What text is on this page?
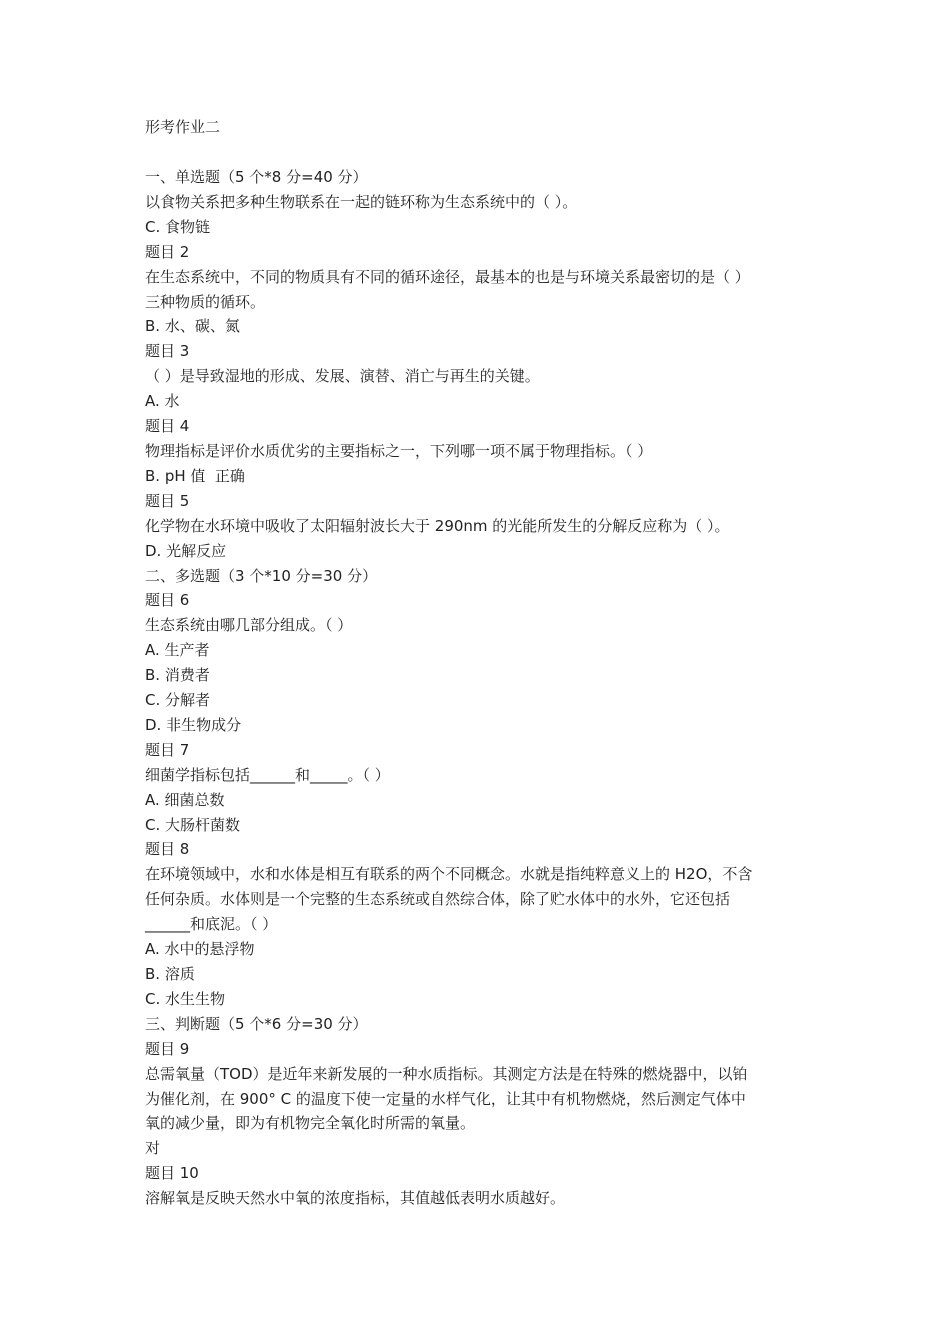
形考作业二

一、单选题（5 个*8 分=40 分）

以食物关系把多种生物联系在一起的链环称为生态系统中的（ ）。

C. 食物链

题目 2

在生态系统中，不同的物质具有不同的循环途径，最基本的也是与环境关系最密切的是（ ）

三种物质的循环。

B. 水、碳、氮

题目 3

（ ）是导致湿地的形成、发展、演替、消亡与再生的关键。

A. 水

题目 4

物理指标是评价水质优劣的主要指标之一，下列哪一项不属于物理指标。（ ）

B. pH 值  正确

题目 5

化学物在水环境中吸收了太阳辐射波长大于 290nm 的光能所发生的分解反应称为（ ）。

D. 光解反应

二、多选题（3 个*10 分=30 分）

题目 6

生态系统由哪几部分组成。（ ）

A. 生产者

B. 消费者

C. 分解者

D. 非生物成分

题目 7

细菌学指标包括______和_____。（ ）

A. 细菌总数

C. 大肠杆菌数

题目 8

在环境领域中，水和水体是相互有联系的两个不同概念。水就是指纯粹意义上的 H2O，不含

任何杂质。水体则是一个完整的生态系统或自然综合体，除了贮水体中的水外，它还包括

______和底泥。（ ）

A. 水中的悬浮物

B. 溶质

C. 水生生物

三、判断题（5 个*6 分=30 分）

题目 9

总需氧量（TOD）是近年来新发展的一种水质指标。其测定方法是在特殊的燃烧器中，以铂

为催化剂，在 900° C 的温度下使一定量的水样气化，让其中有机物燃烧，然后测定气体中

氧的减少量，即为有机物完全氧化时所需的氧量。

对

题目 10

溶解氧是反映天然水中氧的浓度指标，其值越低表明水质越好。
